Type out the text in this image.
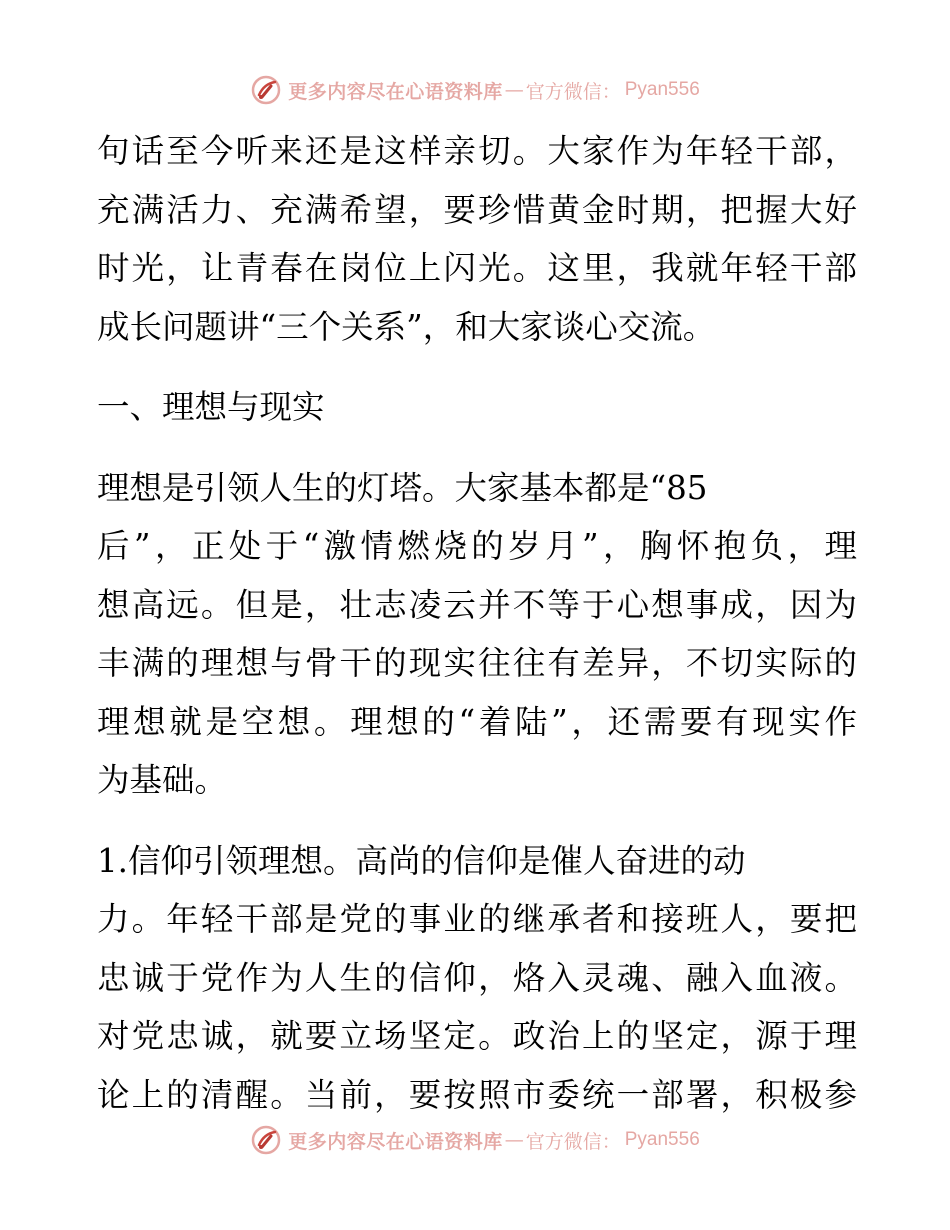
更多内容尽在心语资料库 — 官方微信： Pyan556
句话至今听来还是这样亲切。大家作为年轻干部，
充满活力、充满希望，要珍惜黄金时期，把握大好
时光，让青春在岗位上闪光。这里，我就年轻干部
成长问题讲“三个关系”，和大家谈心交流。
一、理想与现实
理想是引领人生的灯塔。大家基本都是“85
后”，正处于“激情燃烧的岁月”，胸怀抱负，理
想高远。但是，壮志凌云并不等于心想事成，因为
丰满的理想与骨干的现实往往有差异，不切实际的
理想就是空想。理想的“着陆”，还需要有现实作
为基础。
1.信仰引领理想。高尚的信仰是催人奋进的动
力。年轻干部是党的事业的继承者和接班人，要把
忠诚于党作为人生的信仰，烙入灵魂、融入血液。
对党忠诚，就要立场坚定。政治上的坚定，源于理
论上的清醒。当前，要按照市委统一部署，积极参
更多内容尽在心语资料库 — 官方微信： Pyan556
